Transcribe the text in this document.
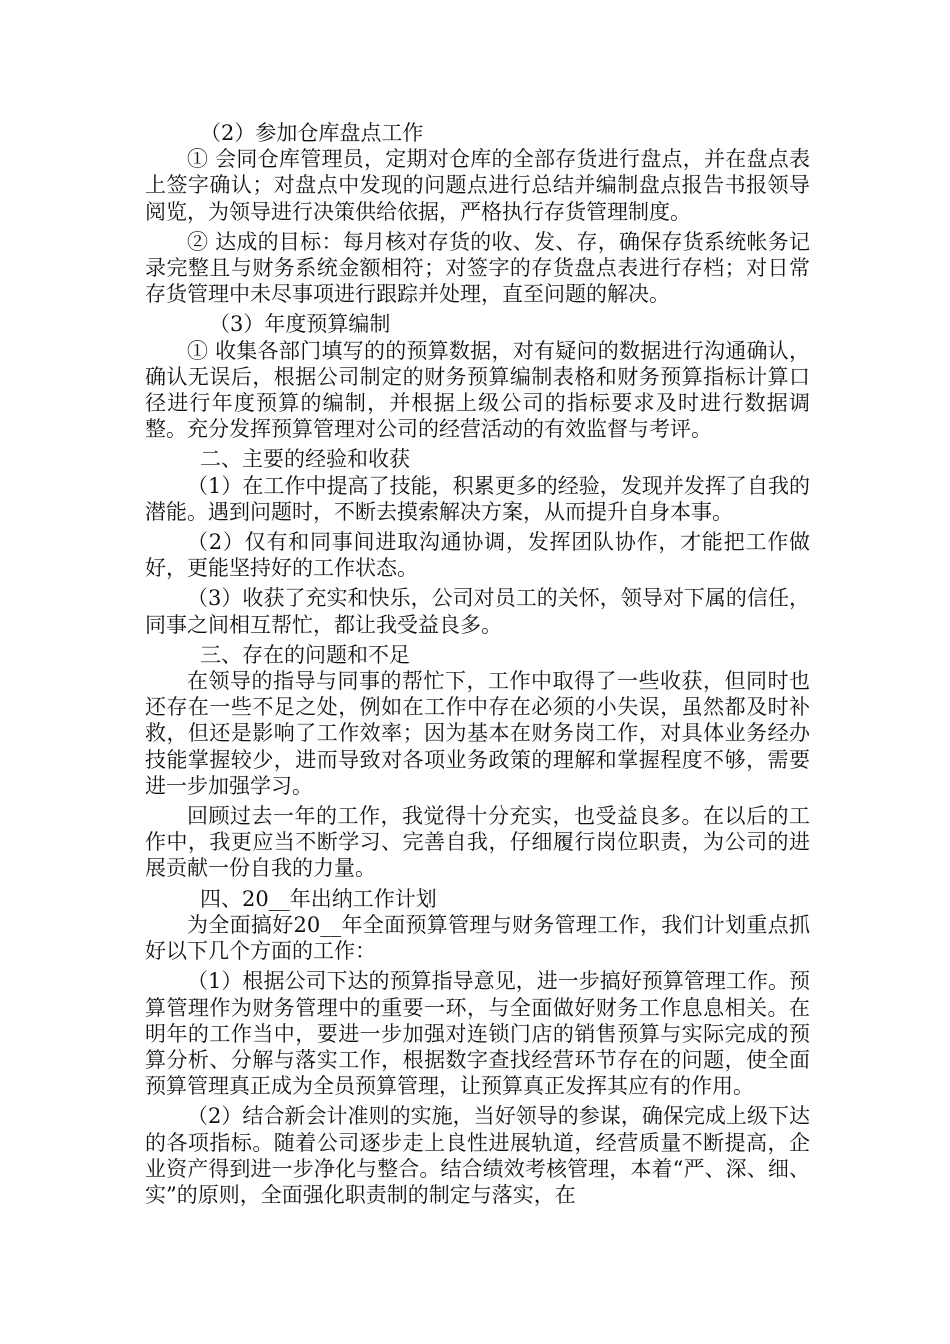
（2）参加仓库盘点工作

① 会同仓库管理员，定期对仓库的全部存货进行盘点，并在盘点表上签字确认；对盘点中发现的问题点进行总结并编制盘点报告书报领导阅览，为领导进行决策供给依据，严格执行存货管理制度。

② 达成的目标：每月核对存货的收、发、存，确保存货系统帐务记录完整且与财务系统金额相符；对签字的存货盘点表进行存档；对日常存货管理中未尽事项进行跟踪并处理，直至问题的解决。

（3）年度预算编制

① 收集各部门填写的的预算数据，对有疑问的数据进行沟通确认，确认无误后，根据公司制定的财务预算编制表格和财务预算指标计算口径进行年度预算的编制，并根据上级公司的指标要求及时进行数据调整。充分发挥预算管理对公司的经营活动的有效监督与考评。

二、主要的经验和收获

（1）在工作中提高了技能，积累更多的经验，发现并发挥了自我的潜能。遇到问题时，不断去摸索解决方案，从而提升自身本事。

（2）仅有和同事间进取沟通协调，发挥团队协作，才能把工作做好，更能坚持好的工作状态。

（3）收获了充实和快乐，公司对员工的关怀，领导对下属的信任，同事之间相互帮忙，都让我受益良多。

三、存在的问题和不足

在领导的指导与同事的帮忙下，工作中取得了一些收获，但同时也还存在一些不足之处，例如在工作中存在必须的小失误，虽然都及时补救，但还是影响了工作效率；因为基本在财务岗工作，对具体业务经办技能掌握较少，进而导致对各项业务政策的理解和掌握程度不够，需要进一步加强学习。

回顾过去一年的工作，我觉得十分充实，也受益良多。在以后的工作中，我更应当不断学习、完善自我，仔细履行岗位职责，为公司的进展贡献一份自我的力量。

四、20__年出纳工作计划

为全面搞好20__年全面预算管理与财务管理工作，我们计划重点抓好以下几个方面的工作：

（1）根据公司下达的预算指导意见，进一步搞好预算管理工作。预算管理作为财务管理中的重要一环，与全面做好财务工作息息相关。在明年的工作当中，要进一步加强对连锁门店的销售预算与实际完成的预算分析、分解与落实工作，根据数字查找经营环节存在的问题，使全面预算管理真正成为全员预算管理，让预算真正发挥其应有的作用。

（2）结合新会计准则的实施，当好领导的参谋，确保完成上级下达的各项指标。随着公司逐步走上良性进展轨道，经营质量不断提高，企业资产得到进一步净化与整合。结合绩效考核管理，本着“严、深、细、实”的原则，全面强化职责制的制定与落实，在
